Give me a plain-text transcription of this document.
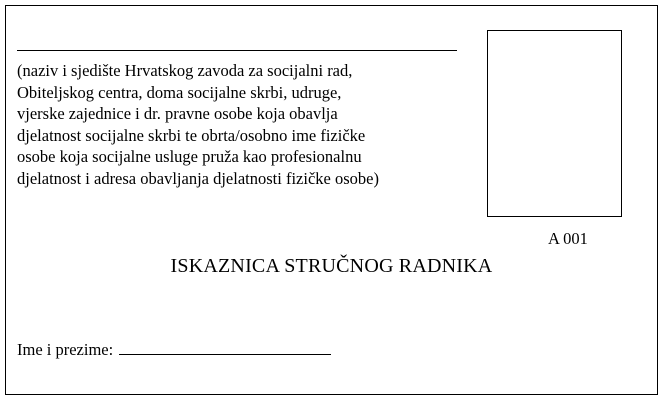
(naziv i sjedište Hrvatskog zavoda za socijalni rad,
Obiteljskog centra, doma socijalne skrbi, udruge,
vjerske zajednice i dr. pravne osobe koja obavlja
djelatnost socijalne skrbi te obrta/osobno ime fizičke
osobe koja socijalne usluge pruža kao profesionalnu
djelatnost i adresa obavljanja djelatnosti fizičke osobe)
A 001
ISKAZNICA STRUČNOG RADNIKA
Ime i prezime:
